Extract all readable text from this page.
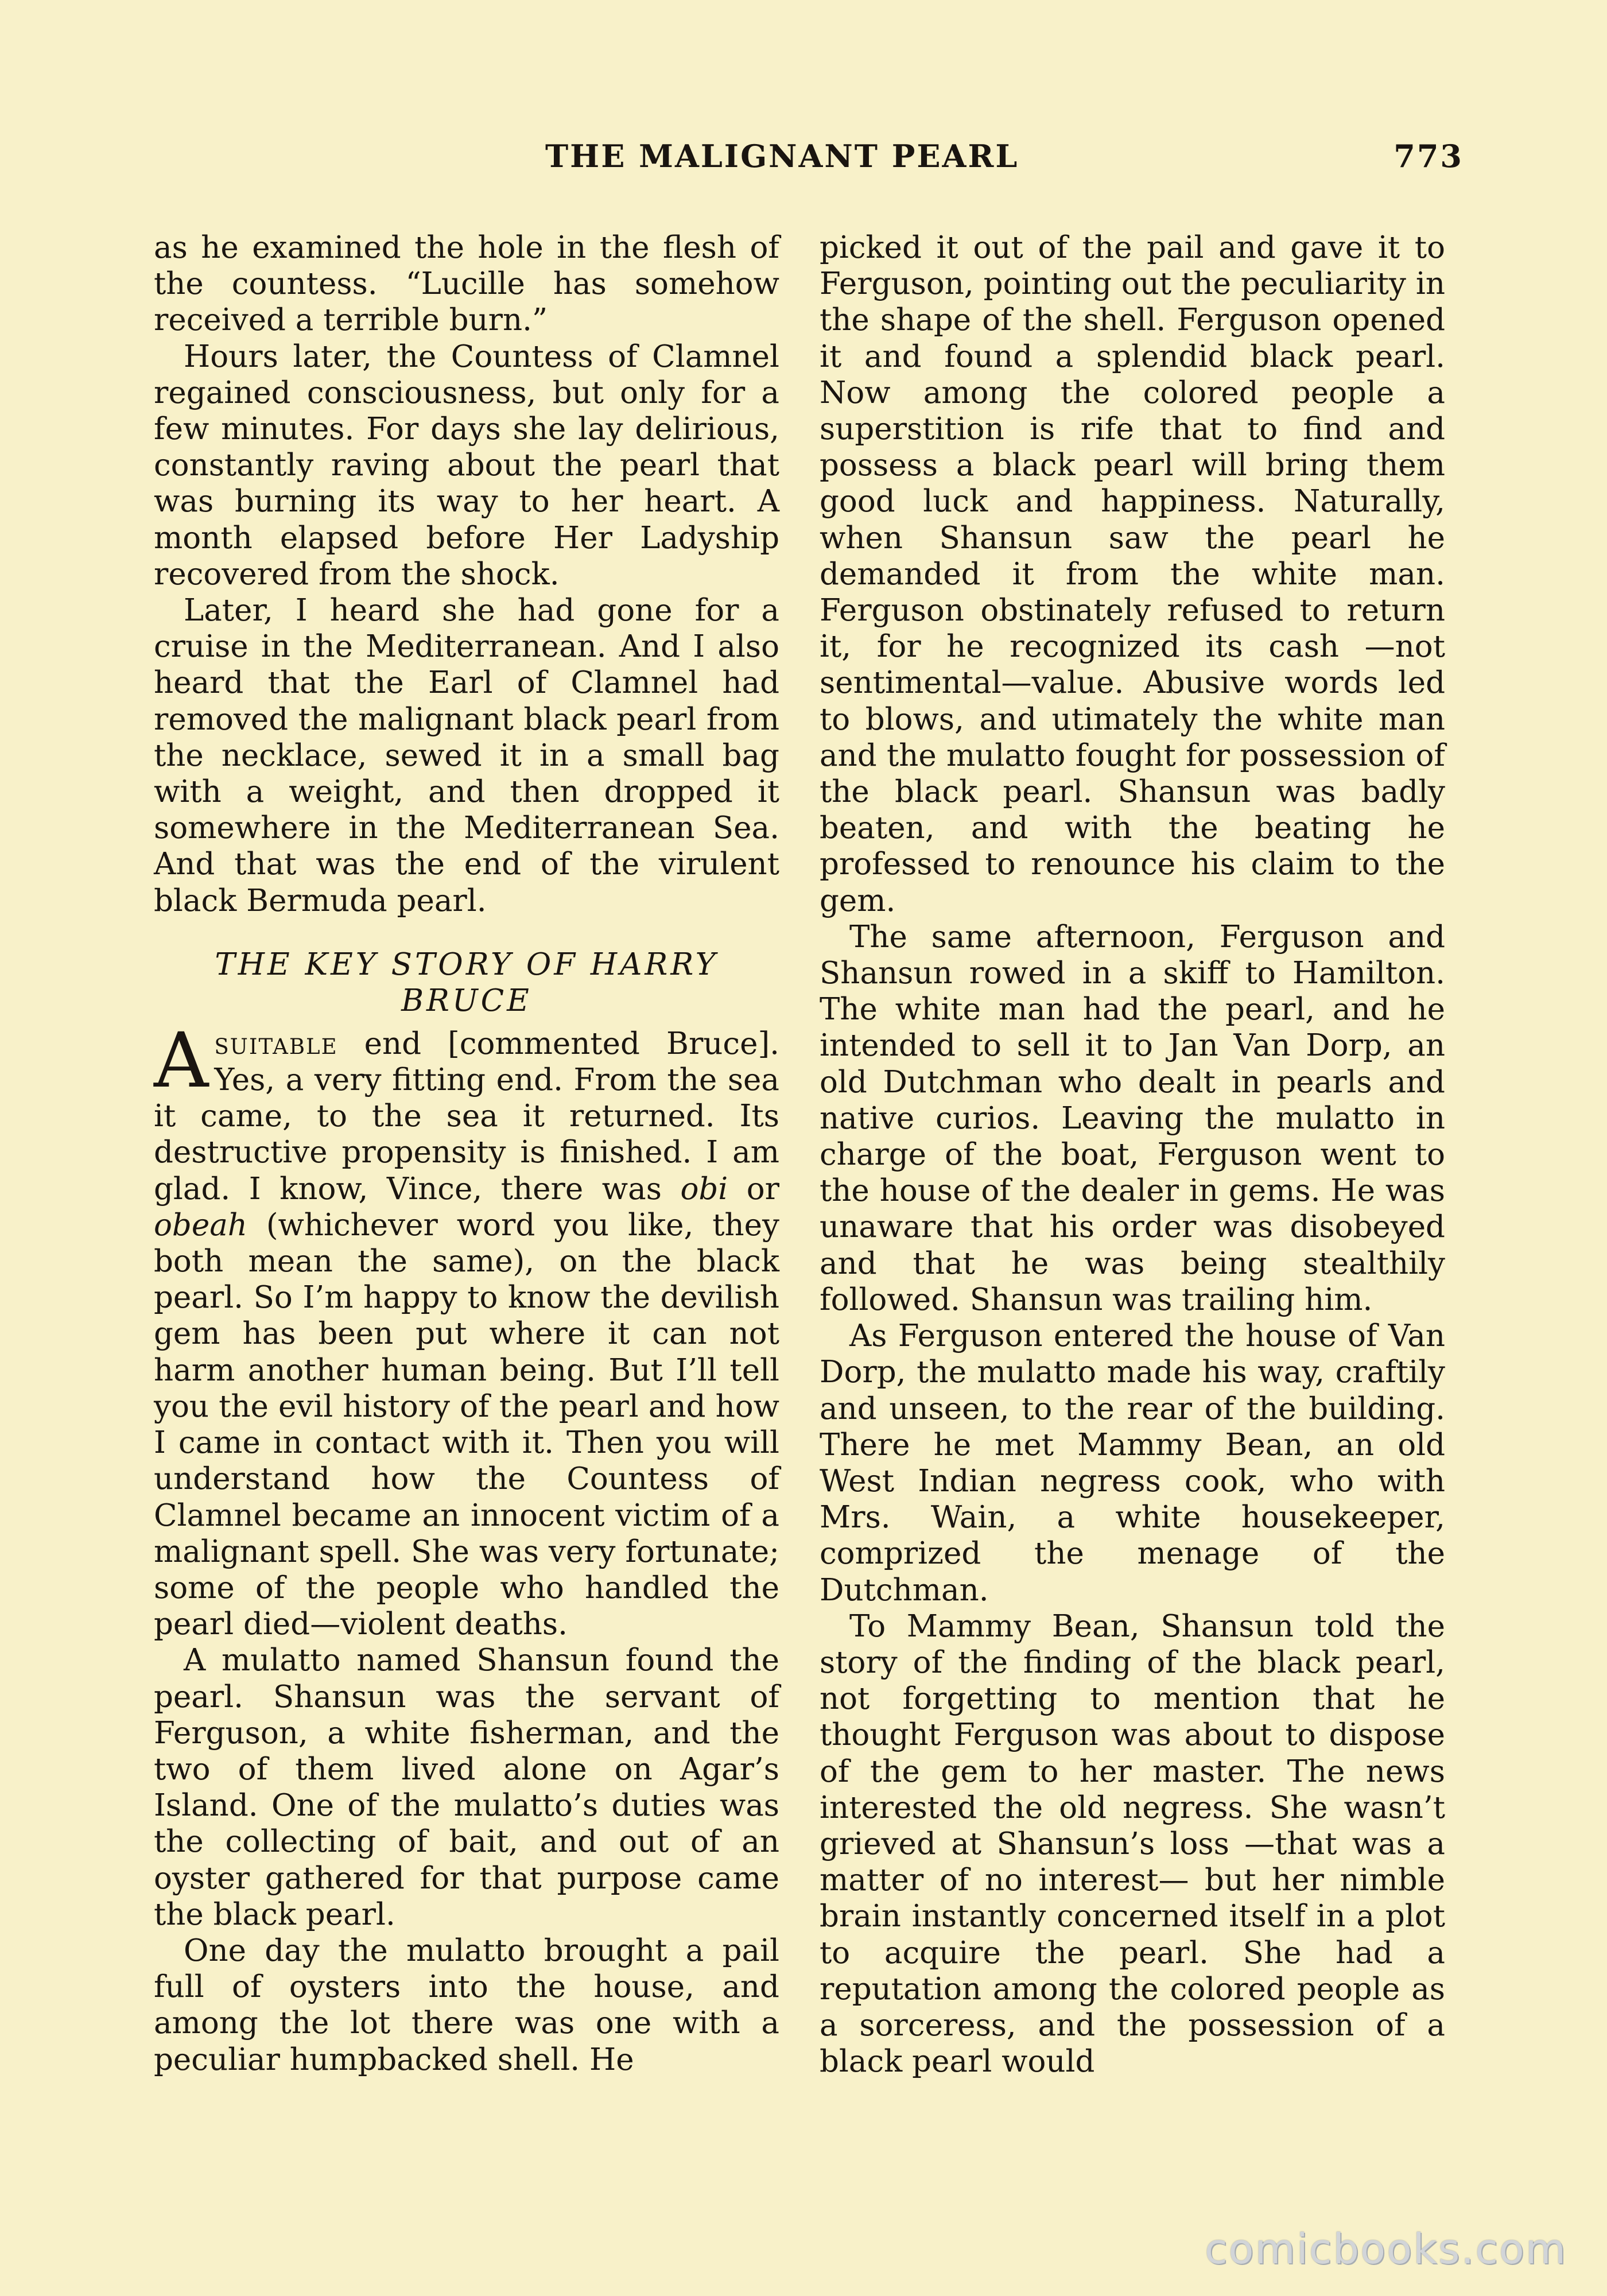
THE MALIGNANT PEARL	773

as he examined the hole in the flesh of the countess. “Lucille has somehow received a terrible burn.”

Hours later, the Countess of Clamnel regained consciousness, but only for a few minutes. For days she lay delirious, constantly raving about the pearl that was burning its way to her heart. A month elapsed before Her Ladyship recovered from the shock.

Later, I heard she had gone for a cruise in the Mediterranean. And I also heard that the Earl of Clamnel had removed the malignant black pearl from the necklace, sewed it in a small bag with a weight, and then dropped it somewhere in the Mediterranean Sea. And that was the end of the virulent black Bermuda pearl.

THE KEY STORY OF HARRY BRUCE

Asuitable end [commented Bruce]. Yes, a very fitting end. From the sea it came, to the sea it returned. Its destructive propensity is finished. I am glad. I know, Vince, there was obi or obeah (whichever word you like, they both mean the same), on the black pearl. So I’m happy to know the devilish gem has been put where it can not harm another human being. But I’ll tell you the evil history of the pearl and how I came in contact with it. Then you will understand how the Countess of Clamnel became an innocent victim of a malignant spell. She was very fortunate; some of the people who handled the pearl died—violent deaths.

A mulatto named Shansun found the pearl. Shansun was the servant of Ferguson, a white fisherman, and the two of them lived alone on Agar’s Island. One of the mulatto’s duties was the collecting of bait, and out of an oyster gathered for that purpose came the black pearl.

One day the mulatto brought a pail full of oysters into the house, and among the lot there was one with a peculiar humpbacked shell. He

picked it out of the pail and gave it to Ferguson, pointing out the peculiarity in the shape of the shell. Ferguson opened it and found a splendid black pearl. Now among the colored people a superstition is rife that to find and possess a black pearl will bring them good luck and happiness. Naturally, when Shansun saw the pearl he demanded it from the white man. Ferguson obstinately refused to return it, for he recognized its cash —not sentimental—value. Abusive words led to blows, and utimately the white man and the mulatto fought for possession of the black pearl. Shansun was badly beaten, and with the beating he professed to renounce his claim to the gem.

The same afternoon, Ferguson and Shansun rowed in a skiff to Hamilton. The white man had the pearl, and he intended to sell it to Jan Van Dorp, an old Dutchman who dealt in pearls and native curios. Leaving the mulatto in charge of the boat, Ferguson went to the house of the dealer in gems. He was unaware that his order was disobeyed and that he was being stealthily followed. Shansun was trailing him.

As Ferguson entered the house of Van Dorp, the mulatto made his way, craftily and unseen, to the rear of the building. There he met Mammy Bean, an old West Indian negress cook, who with Mrs. Wain, a white housekeeper, comprized the menage of the Dutchman.

To Mammy Bean, Shansun told the story of the finding of the black pearl, not forgetting to mention that he thought Ferguson was about to dispose of the gem to her master. The news interested the old negress. She wasn’t grieved at Shansun’s loss —that was a matter of no interest— but her nimble brain instantly concerned itself in a plot to acquire the pearl. She had a reputation among the colored people as a sorceress, and the possession of a black pearl would

comicbooks.com
